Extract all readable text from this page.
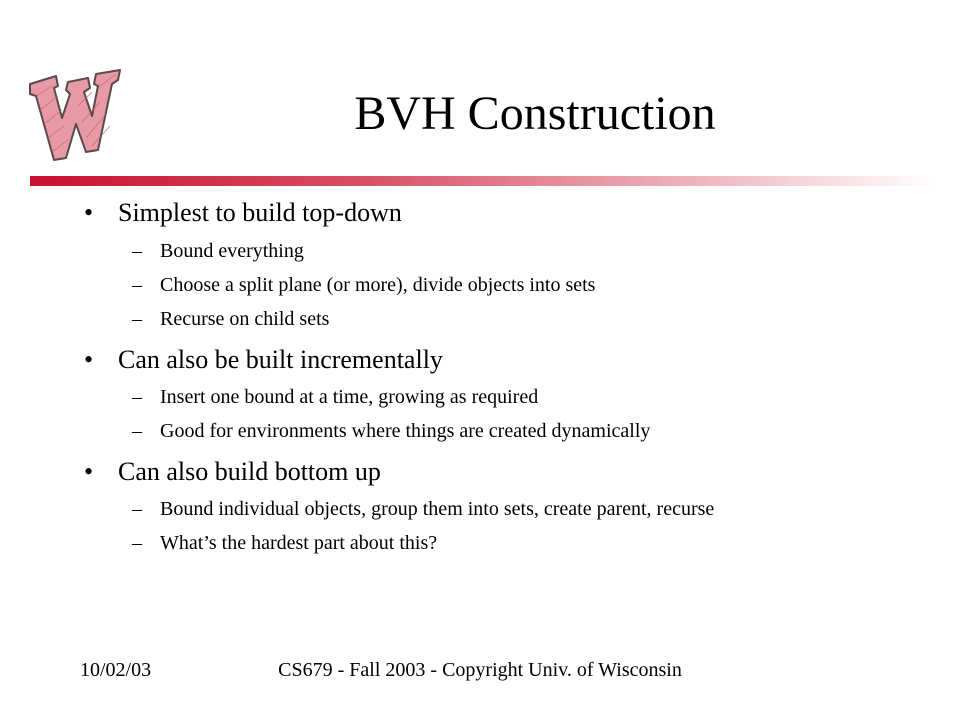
BVH Construction
• Simplest to build top-down
– Bound everything
– Choose a split plane (or more), divide objects into sets
– Recurse on child sets
• Can also be built incrementally
– Insert one bound at a time, growing as required
– Good for environments where things are created dynamically
• Can also build bottom up
– Bound individual objects, group them into sets, create parent, recurse
– What’s the hardest part about this?
10/02/03	CS679 - Fall 2003 - Copyright Univ. of Wisconsin
